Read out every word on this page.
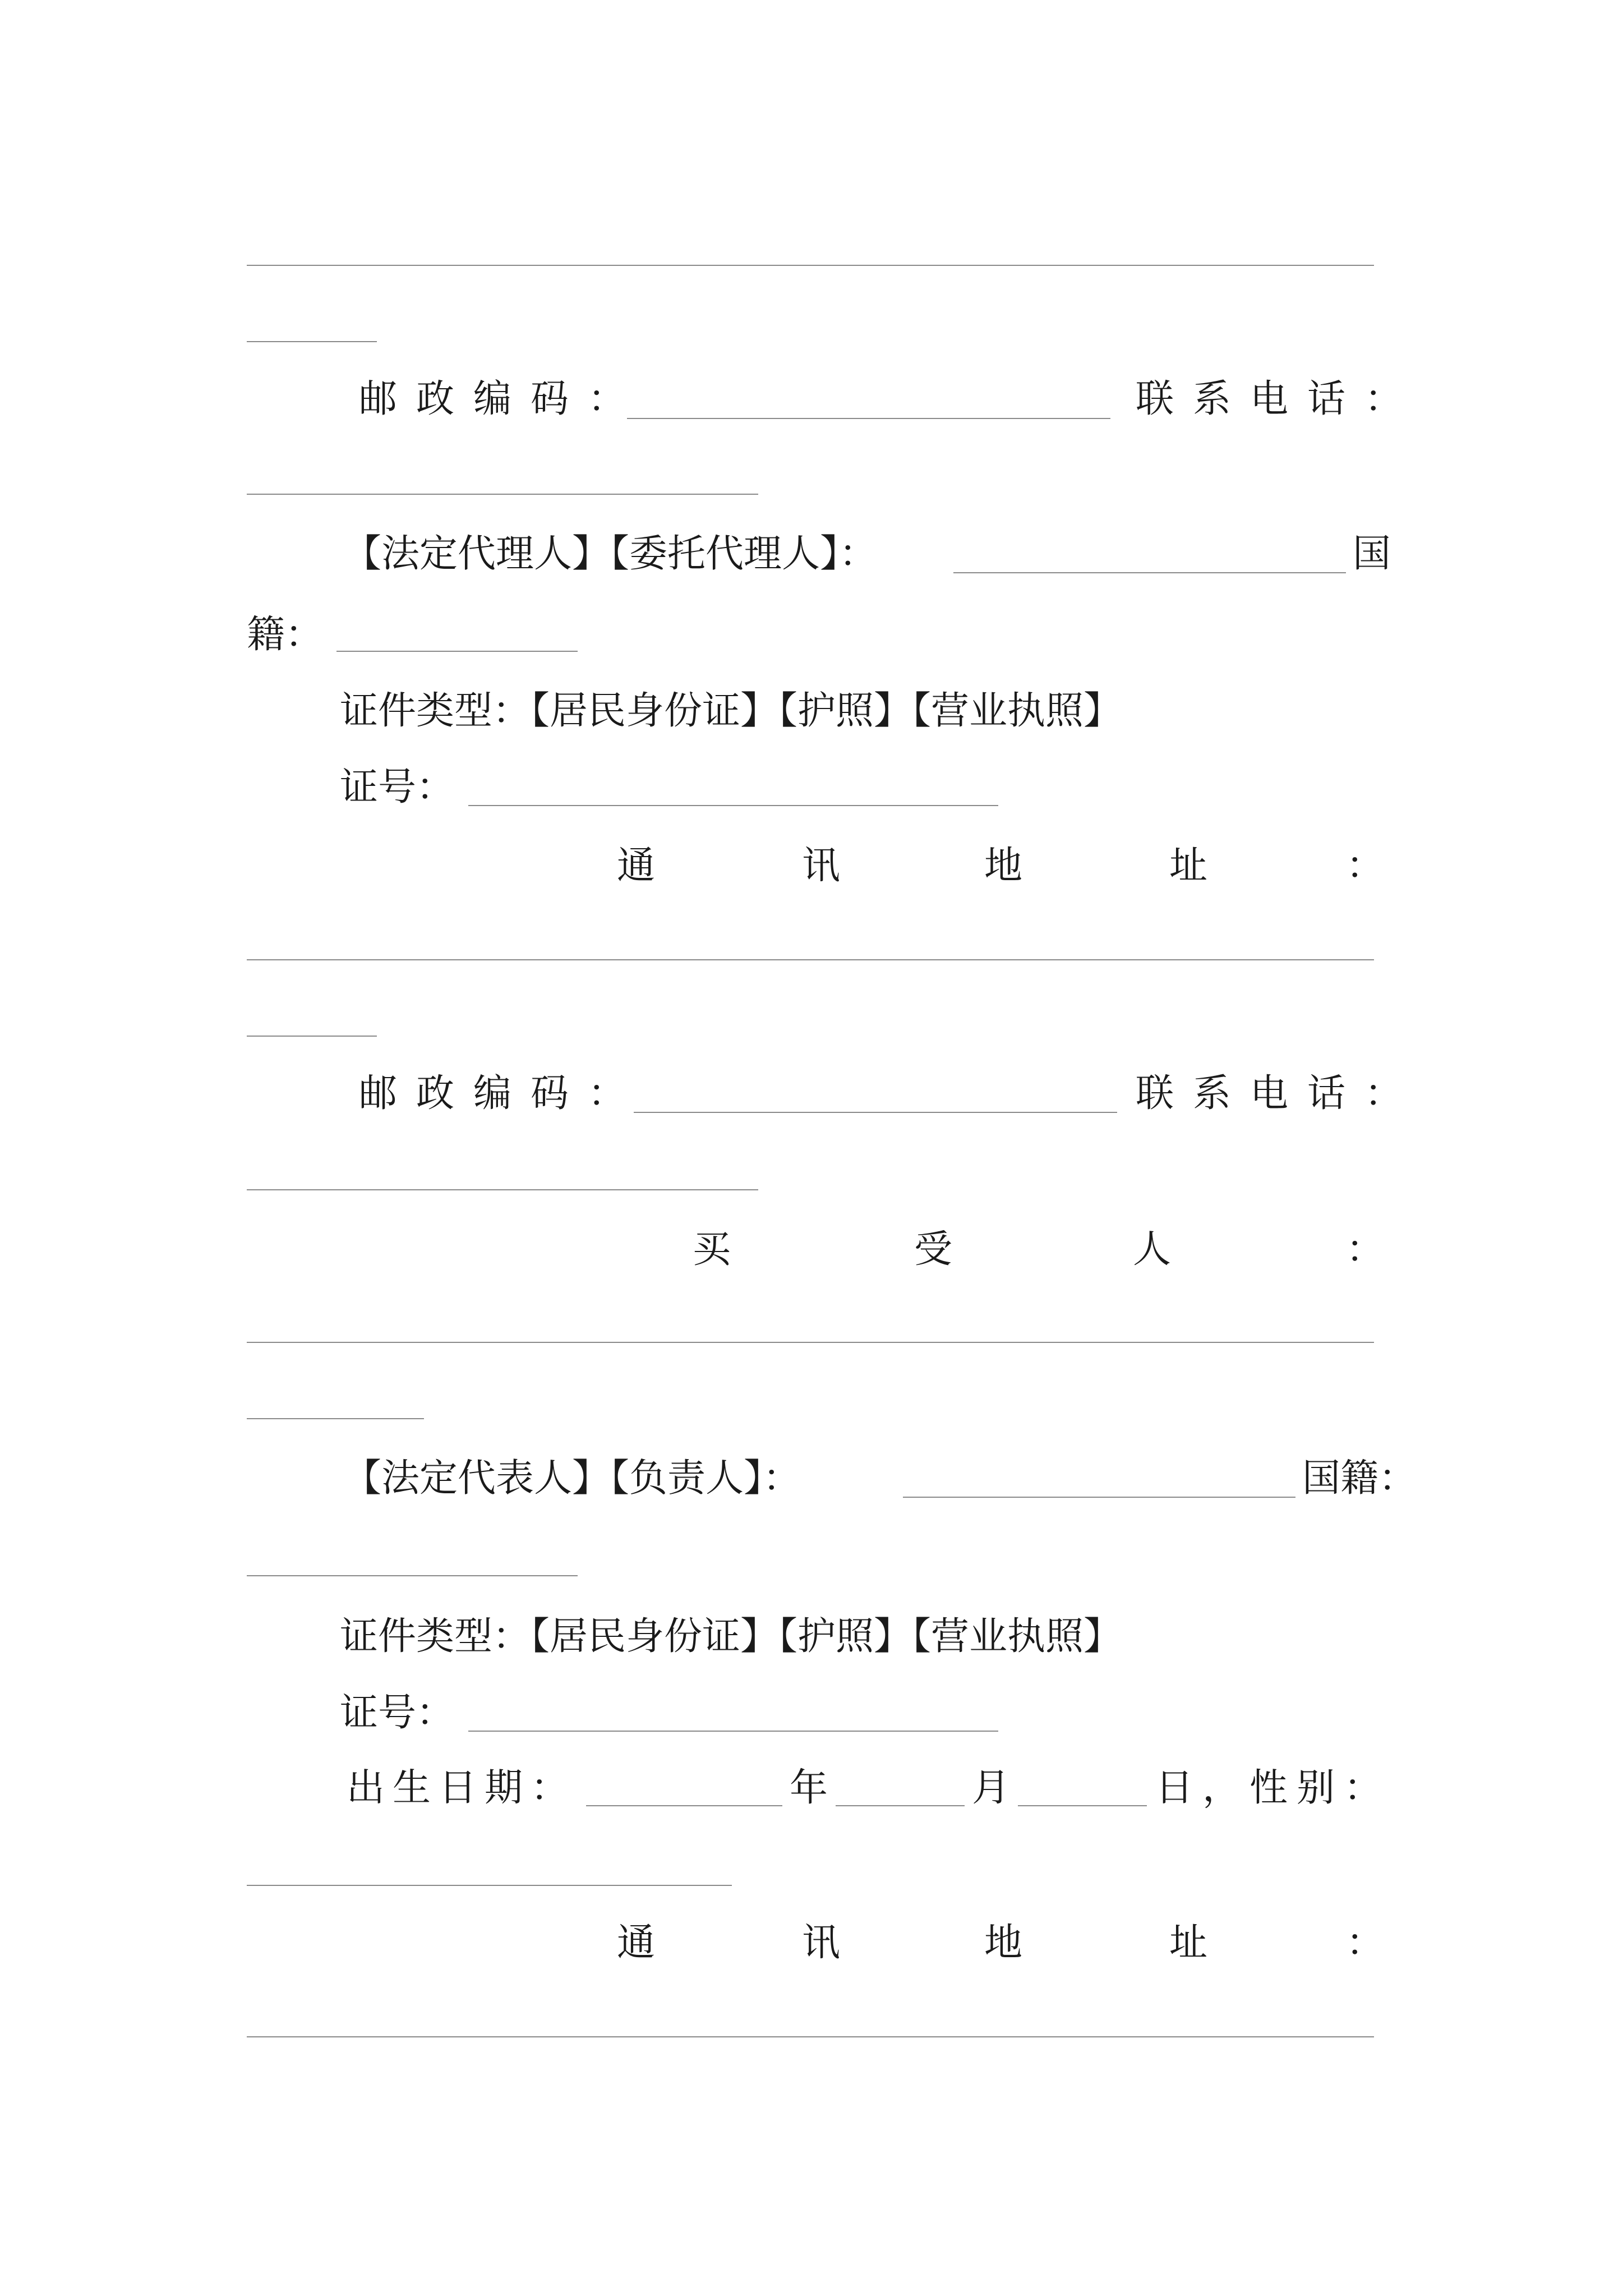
邮政编码：	联系电话：
【法定代理人】【委托代理人】：	国
籍：
证件类型：【居民身份证】【护照】【营业执照】
证号：
通	讯	地	址	：
邮政编码：	联系电话：
买	受	人	：
【法定代表人】【负责人】：	国籍：
证件类型：【居民身份证】【护照】【营业执照】
证号：
出生日期：	年	月	日，性别：
通	讯	地	址	：
